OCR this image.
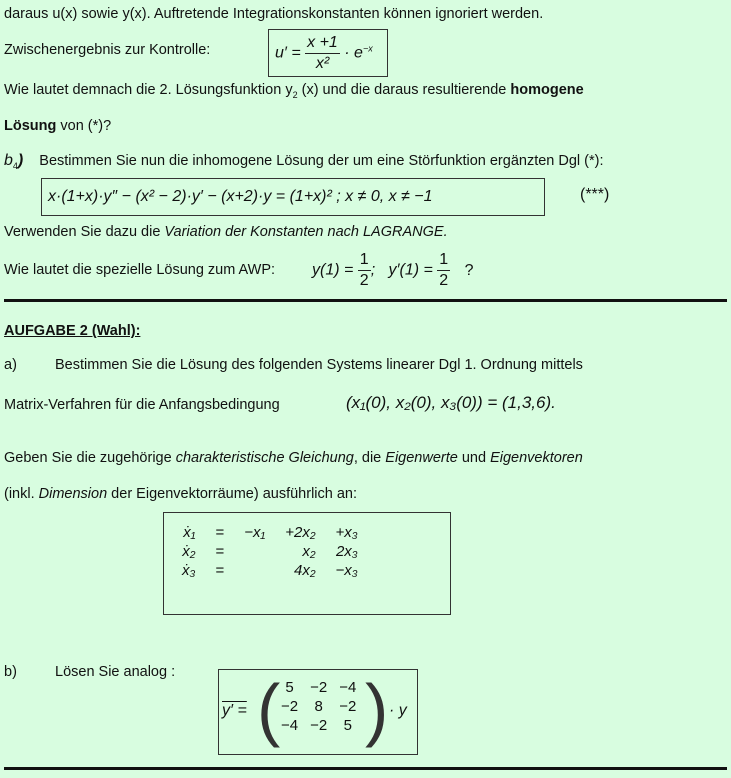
daraus u(x) sowie y(x). Auftretende Integrationskonstanten können ignoriert werden.
Zwischenergebnis zur Kontrolle:	$u' = \frac{x +1}{\text{x²}} \cdot e^{-x}$
Wie lautet demnach die 2. Lösungsfunktion $y_2$ (x) und die daraus resultierende homogene
Lösung von (*)?
$b_4$) Bestimmen Sie nun die inhomogene Lösung der um eine Störfunktion ergänzten Dgl (*):
x·(1+x)·y″ − (x² − 2)·y′ − (x+2)·y = (1+x)² ; x ≠ 0, x ≠ −1	(***)
Verwenden Sie dazu die Variation der Konstanten nach LAGRANGE.
Wie lautet die spezielle Lösung zum AWP: $y(1) = \frac{1}{2}$ ;   $y'(1) = \frac{1}{2}$ ?
AUFGABE 2 (Wahl):
a)	Bestimmen Sie die Lösung des folgenden Systems linearer Dgl 1. Ordnung mittels
Matrix-Verfahren für die Anfangsbedingung	(x₁(0), x₂(0), x₃(0)) = (1,3,6).
Geben Sie die zugehörige charakteristische Gleichung, die Eigenwerte und Eigenvektoren
(inkl. Dimension der Eigenvektorräume) ausführlich an:
ẋ₁	=	−x₁	+2x₂	+x₃
ẋ₂	=		x₂	2x₃
ẋ₃	=		4x₂	−x₃
b)	Lösen Sie analog :
y′ = ( 5	−2	−4
−2	8	−2
−4	−2	5 ) · y
